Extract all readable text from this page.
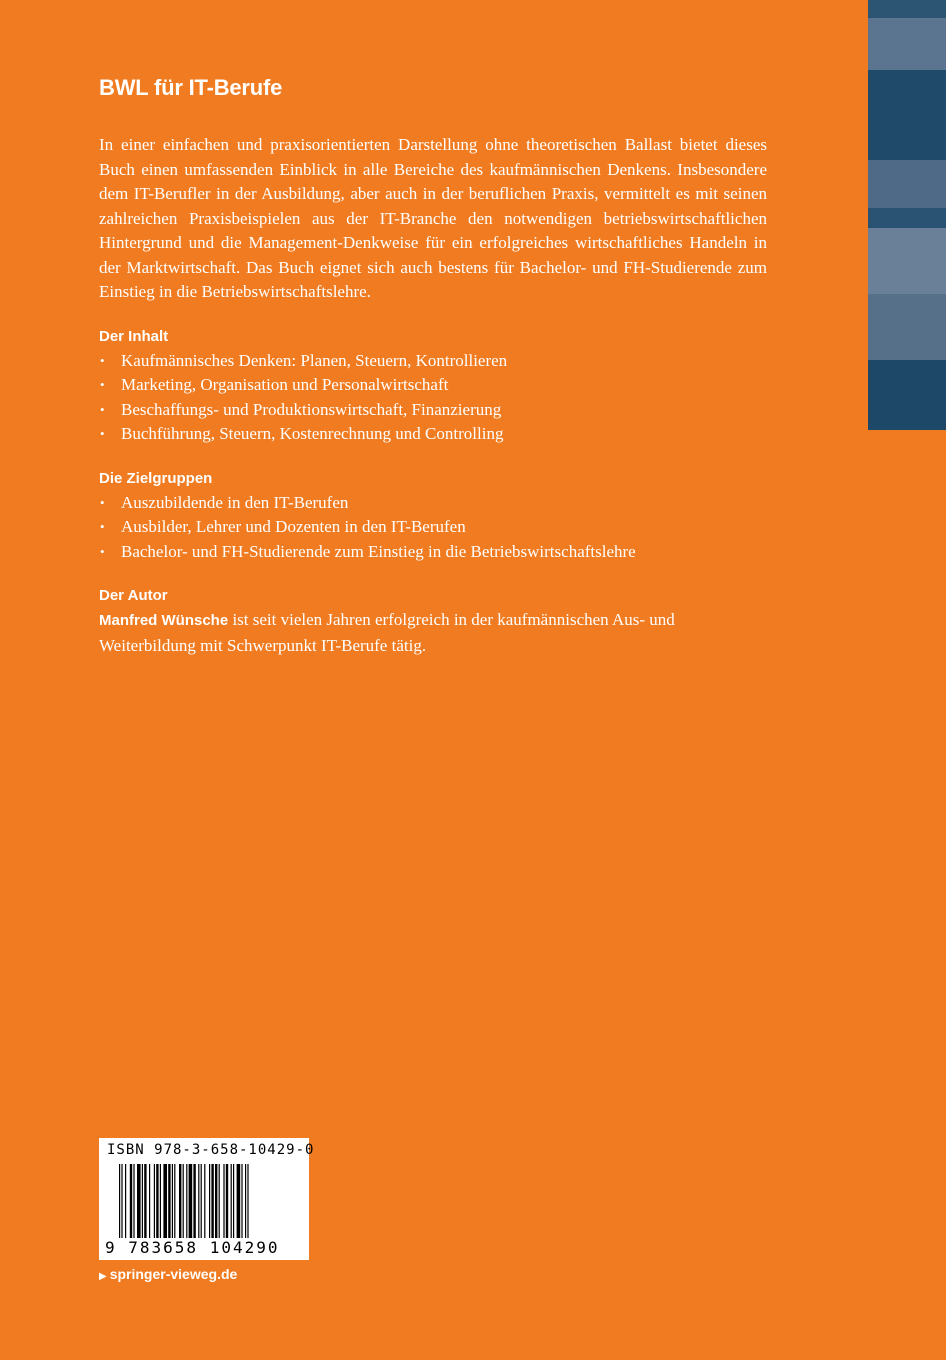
BWL für IT-Berufe

In einer einfachen und praxisorientierten Darstellung ohne theoretischen Ballast bietet dieses Buch einen umfassenden Einblick in alle Bereiche des kaufmännischen Denkens. Insbesondere dem IT-Berufler in der Ausbildung, aber auch in der beruflichen Praxis, vermittelt es mit seinen zahlreichen Praxisbeispielen aus der IT-Branche den notwendigen betriebswirtschaftlichen Hintergrund und die Management-Denkweise für ein erfolgreiches wirtschaftliches Handeln in der Marktwirtschaft. Das Buch eignet sich auch bestens für Bachelor- und FH-Studierende zum Einstieg in die Betriebswirtschaftslehre.

Der Inhalt
• Kaufmännisches Denken: Planen, Steuern, Kontrollieren
• Marketing, Organisation und Personalwirtschaft
• Beschaffungs- und Produktionswirtschaft, Finanzierung
• Buchführung, Steuern, Kostenrechnung und Controlling
Die Zielgruppen
• Auszubildende in den IT-Berufen
• Ausbilder, Lehrer und Dozenten in den IT-Berufen
• Bachelor- und FH-Studierende zum Einstieg in die Betriebswirtschaftslehre
Der Autor

Manfred Wünsche ist seit vielen Jahren erfolgreich in der kaufmännischen Aus- und Weiterbildung mit Schwerpunkt IT-Berufe tätig.

ISBN 978-3-658-10429-0
9 783658 104290
▶ springer-vieweg.de
